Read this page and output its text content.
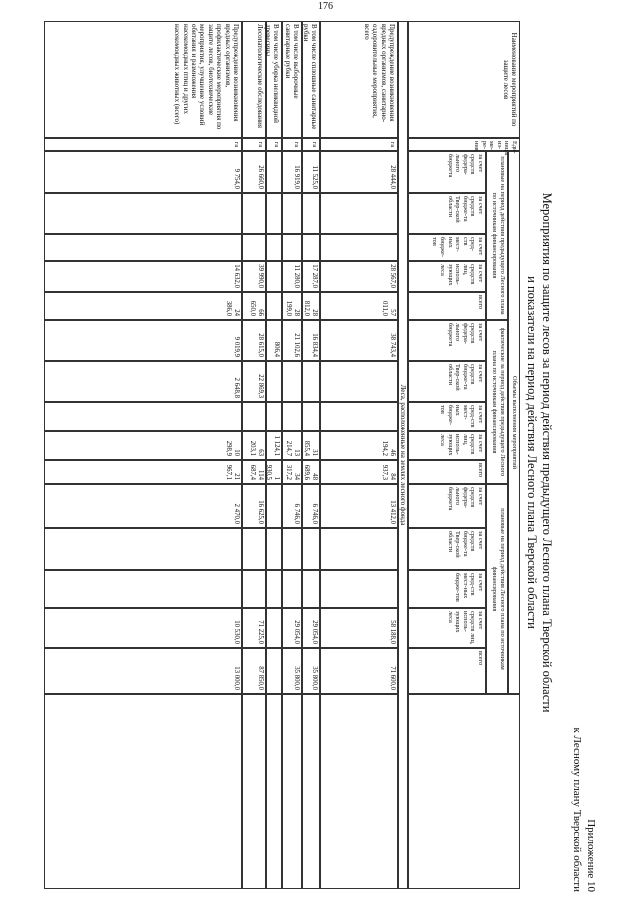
176
Приложение 10
к Лесному плану Тверской области
Мероприятия по защите лесов за период действия предыдущего Лесного плана Тверской области
и показатели на период действия Лесного плана Тверской области
Наименование мероприятий по защите лесов
Еди-ницы из-ме-ре-ния
Объемы выполнения мероприятий
плановые на период действия предыдущего Лесного плана по источникам финансирования
фактические за период действия предыдущего Лесного плана по источникам финансирования
плановые на период действия Лесного плана по источникам финансирования
за счет средств федера-льного бюджета
за счет средств бюдже-та Твер-ской области
за счет сред-ств мест-ных бюдже-тов
за счет средств лиц, исполь-зующих леса
всего
за счет средств федера-льного бюджета
за счет средств бюдже-та Твер-ской области
за счет сред-ств мест-ных бюдже-тов
за счет средств лиц, исполь-зующих леса
всего
за счет средств федера-льного бюджета
за счет средств бюдже-та Твер-ской области
за счет сред-ств мест-ных бюдже-тов
за счет средств лиц, исполь-зующих леса
всего
Леса, расположенные на землях лесного фонда
Предупреждение возникновения вредных организмов, санитарно-оздоровительные мероприятия, всего
га
28 444,0
28 567,0
57 011,0
38 743,4
46 194,2
84 937,3
13 412,0
58 188,0
71 600,0
В том числе сплошные санитарные рубки
га
11 525,0
17 287,0
28 812,0
16 834,4
31 855,4
48 689,6
6 746,0
29 054,0
35 800,0
В том числе выборочные санитарные рубки
га
16 919,0
11 280,0
28 199,0
21 102,6
13 214,7
34 317,2
6 746,0
29 054,0
35 800,0
В том числе уборка неликвидной древесины
га
806,4
1 124,1
1 930,5
Лесопатологические обследования
га
26 660,0
39 990,0
66 650,0
28 615,0
22 869,3
63 203,1
114 687,4
16 625,0
71 225,0
87 850,0
Предупреждение возникновения вредных организмов, профилактические мероприятия по защите лесов, биотехнические мероприятия, улучшение условий обитания и размножения насекомоядных птиц и других насекомоядных животных (всего)
га
9 754,0
14 632,0
24 386,0
9 019,9
2 648,8
10 298,9
21 967,1
2 470,0
10 530,0
13 000,0
